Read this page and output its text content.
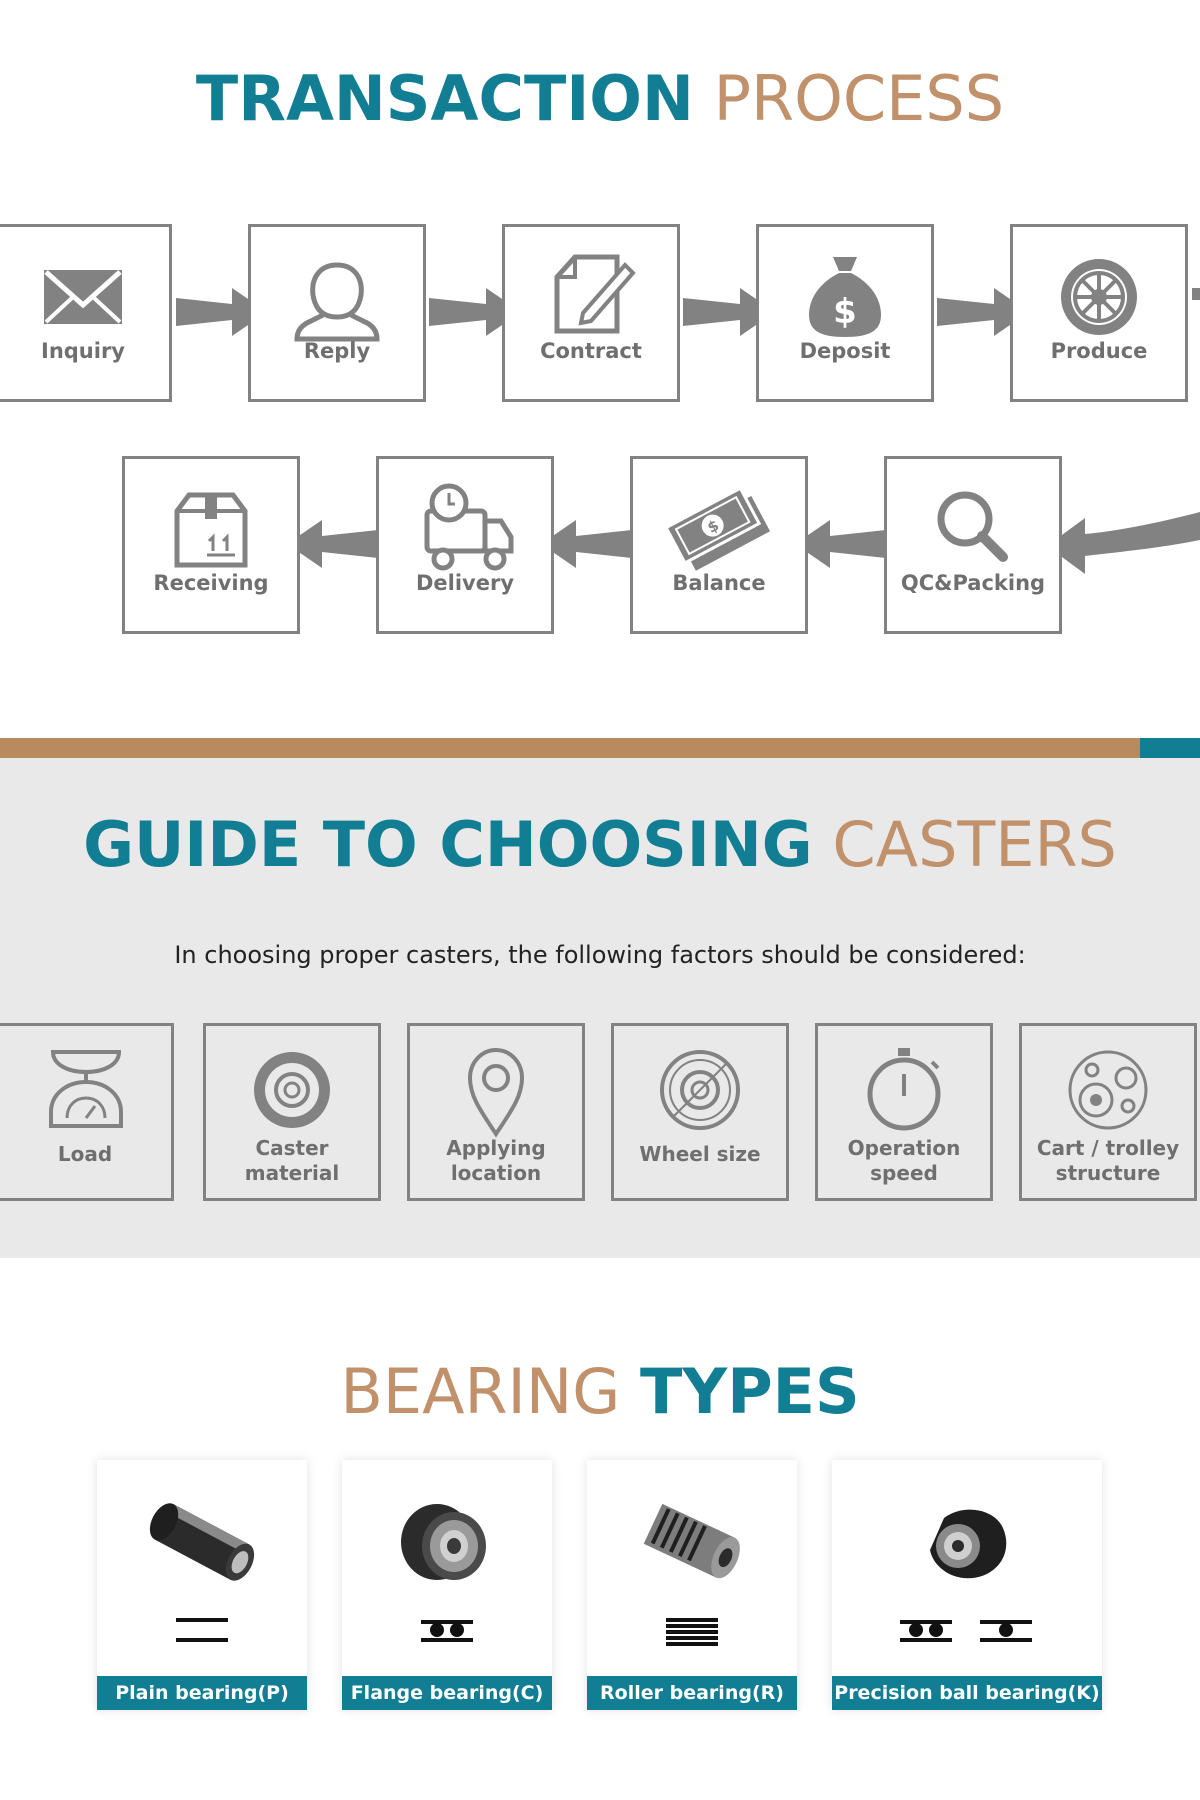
TRANSACTION PROCESS
Inquiry	Reply	Contract
$
Deposit	Produce
Receiving	Delivery
$
Balance	QC&Packing
GUIDE TO CHOOSING CASTERS
In choosing proper casters, the following factors should be considered:
Load	Caster
material
Applying
location
Wheel size	Operation
speed
Cart / trolley
structure
BEARING TYPES
Plain bearing(P)	Flange bearing(C)	Roller bearing(R)	Precision ball bearing(K)
